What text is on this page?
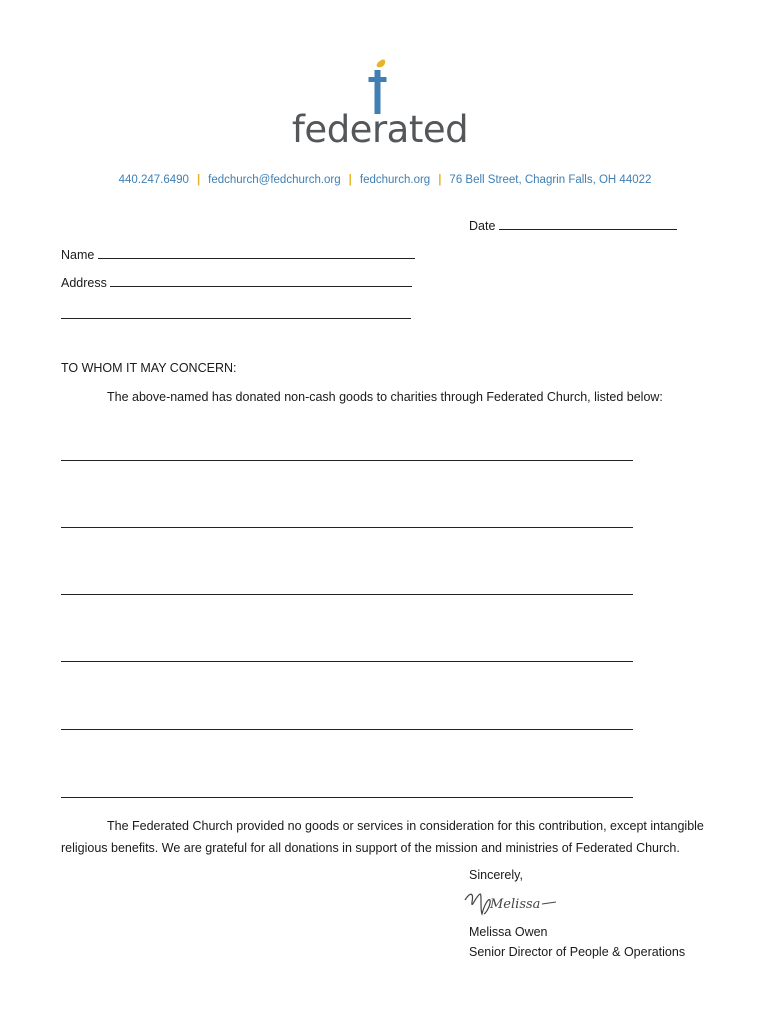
federated
440.247.6490 | fedchurch@fedchurch.org | fedchurch.org | 76 Bell Street, Chagrin Falls, OH 44022
Date
Name
Address
TO WHOM IT MAY CONCERN:
The above-named has donated non-cash goods to charities through Federated Church, listed below:
The Federated Church provided no goods or services in consideration for this contribution, except intangible
religious benefits. We are grateful for all donations in support of the mission and ministries of Federated Church.
Sincerely,
Melissa
Melissa Owen
Senior Director of People & Operations
